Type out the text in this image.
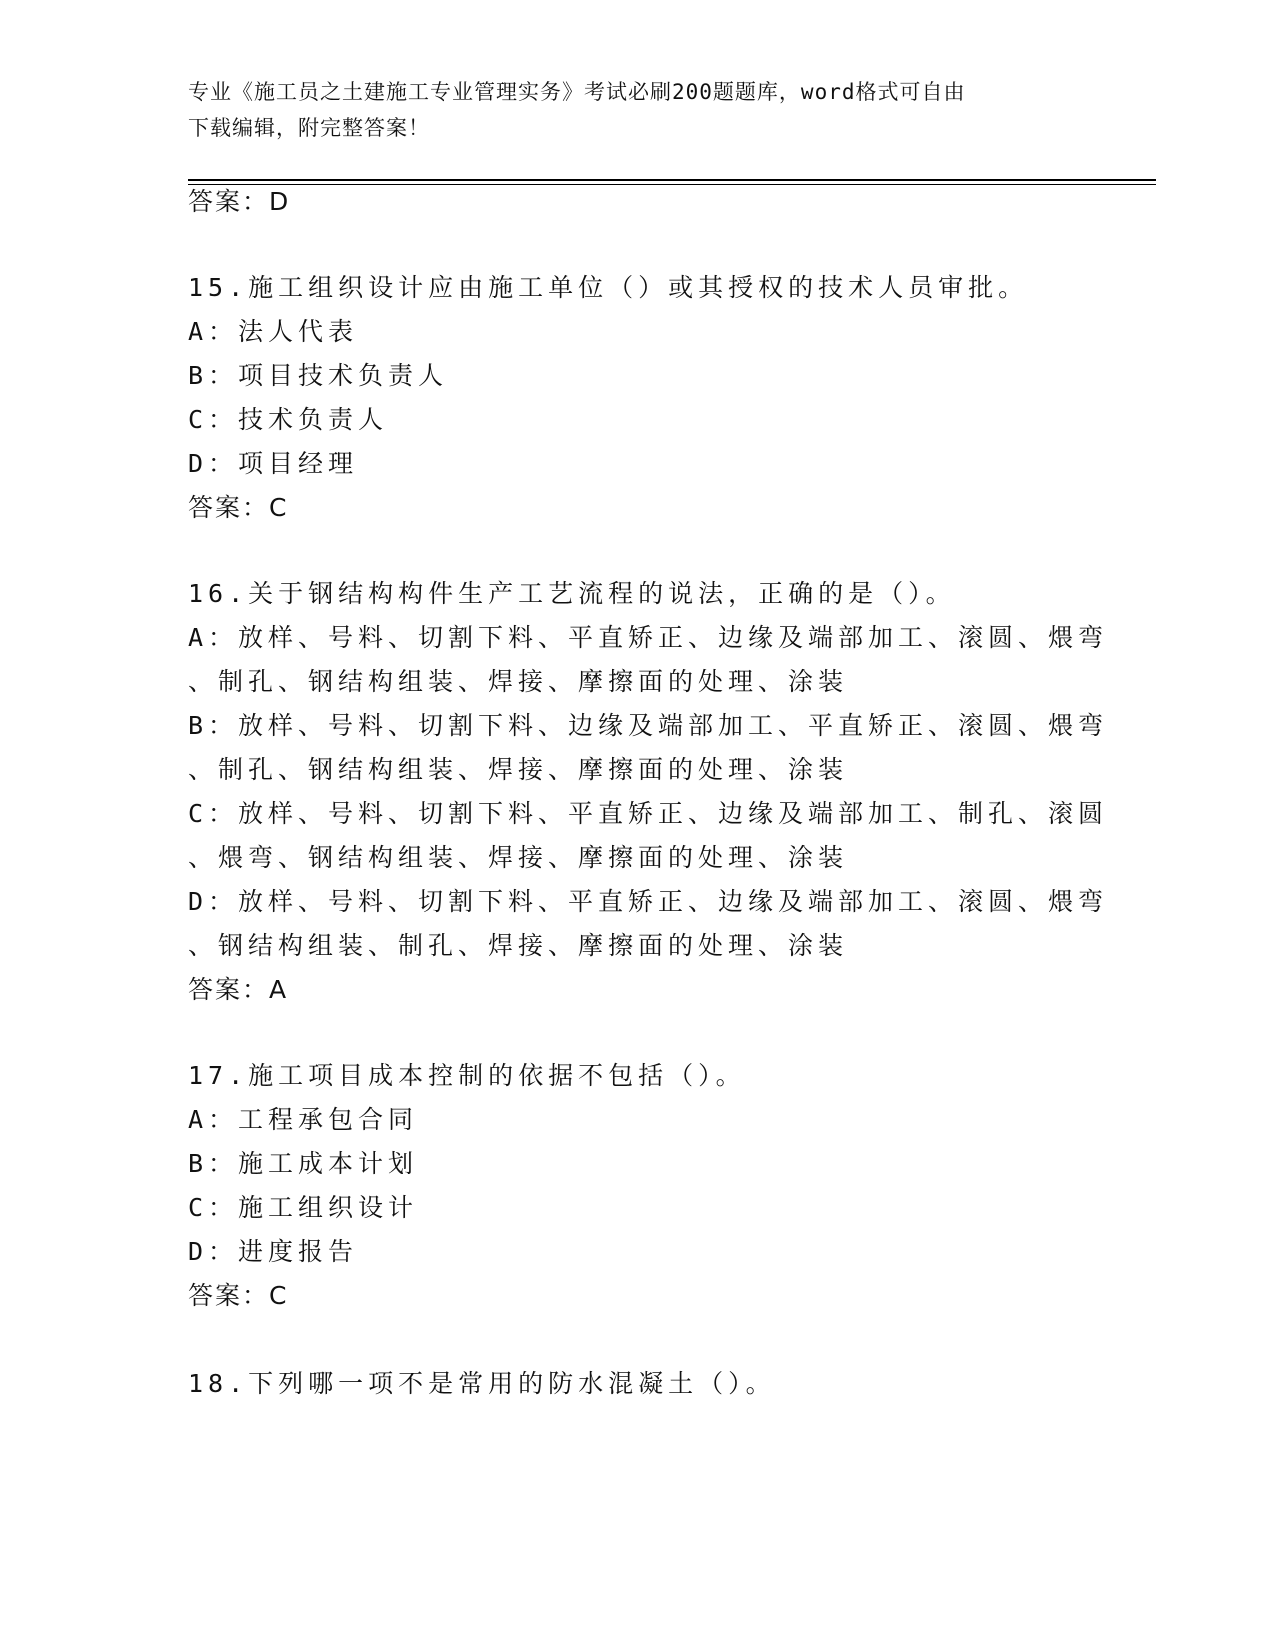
专业《施工员之土建施工专业管理实务》考试必刷200题题库，word格式可自由
下载编辑，附完整答案！
答案：D
15.施工组织设计应由施工单位（）或其授权的技术人员审批。
A：法人代表
B：项目技术负责人
C：技术负责人
D：项目经理
答案：C
16.关于钢结构构件生产工艺流程的说法，正确的是（）。
A：放样、号料、切割下料、平直矫正、边缘及端部加工、滚圆、煨弯
、制孔、钢结构组装、焊接、摩擦面的处理、涂装
B：放样、号料、切割下料、边缘及端部加工、平直矫正、滚圆、煨弯
、制孔、钢结构组装、焊接、摩擦面的处理、涂装
C：放样、号料、切割下料、平直矫正、边缘及端部加工、制孔、滚圆
、煨弯、钢结构组装、焊接、摩擦面的处理、涂装
D：放样、号料、切割下料、平直矫正、边缘及端部加工、滚圆、煨弯
、钢结构组装、制孔、焊接、摩擦面的处理、涂装
答案：A
17.施工项目成本控制的依据不包括（）。
A：工程承包合同
B：施工成本计划
C：施工组织设计
D：进度报告
答案：C
18.下列哪一项不是常用的防水混凝土（）。
